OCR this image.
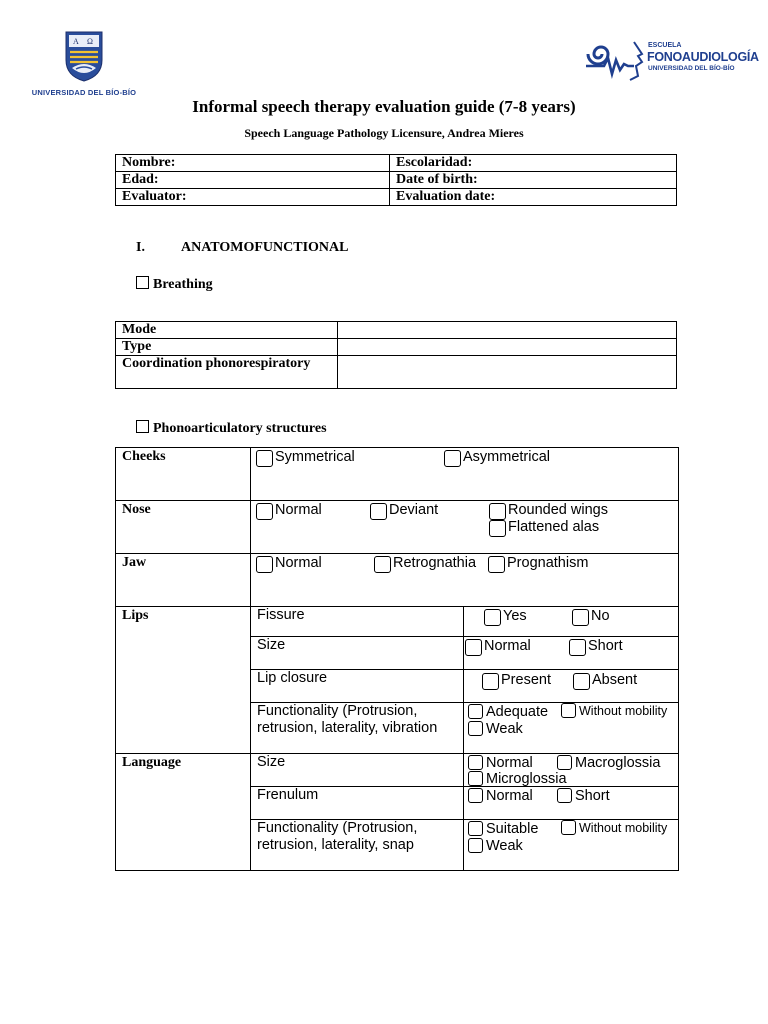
A Ω
UNIVERSIDAD DEL BÍO-BÍO
ESCUELA
FONOAUDIOLOGÍA
UNIVERSIDAD DEL BÍO-BÍO
Informal speech therapy evaluation guide (7-8 years)
Speech Language Pathology Licensure, Andrea Mieres
Nombre:	Escolaridad:
Edad:	Date of birth:
Evaluator:	Evaluation date:
I.	ANATOMOFUNCTIONAL
Breathing
Mode	
Type	
Coordination phonorespiratory	
Phonoarticulatory structures
Cheeks	Symmetrical Asymmetrical	

Nose	Normal Deviant Rounded wings
Flattened alas	

Jaw	Normal Retrognathia Prognathism	

Lips	Fissure	Yes No

	Size	Normal Short

	Lip closure	Present Absent

	Functionality (Protrusion, retrusion, laterality, vibration	Adequate Without mobility
Weak

Language	Size	Normal Macroglossia
Microglossia

	Frenulum	Normal Short

	Functionality (Protrusion, retrusion, laterality, snap	Suitable Without mobility
Weak
